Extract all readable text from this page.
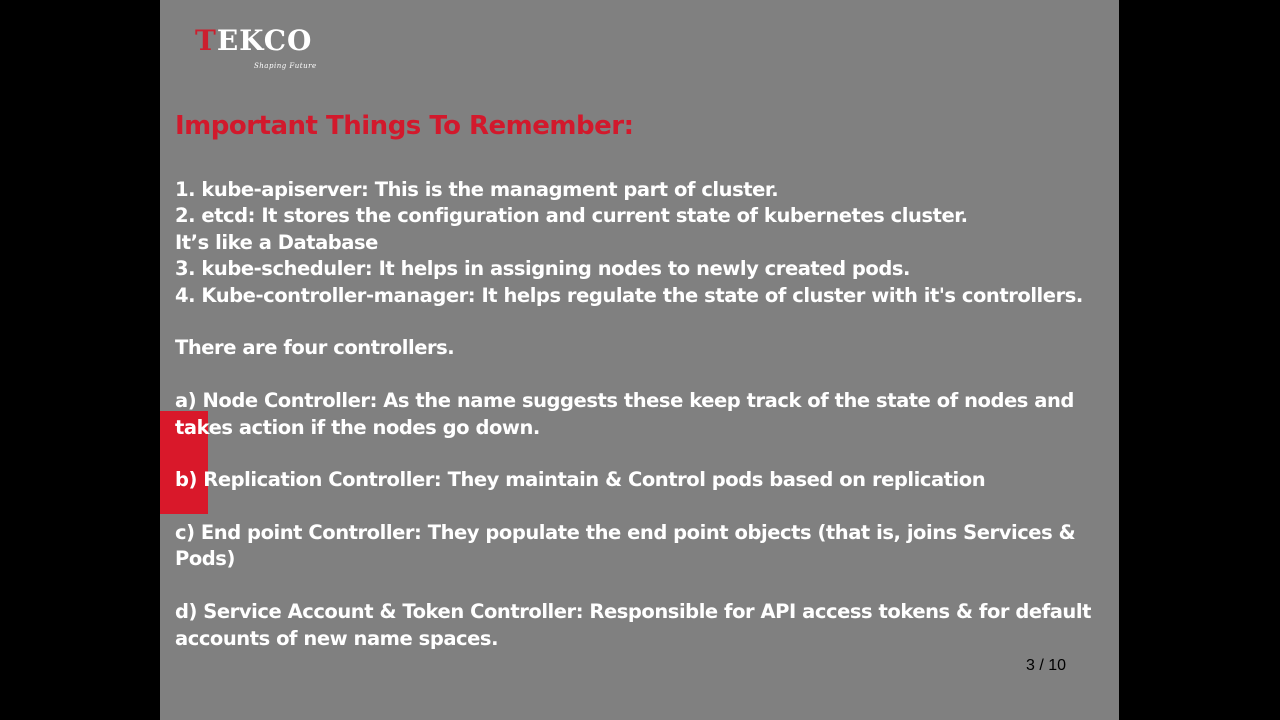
TEKCO
Shaping Future
Important Things To Remember:
1. kube-apiserver: This is the managment part of cluster.
2. etcd: It stores the configuration and current state of kubernetes cluster.
It’s like a Database
3. kube-scheduler: It helps in assigning nodes to newly created pods.
4. Kube-controller-manager: It helps regulate the state of cluster with it's controllers.
There are four controllers.
a) Node Controller: As the name suggests these keep track of the state of nodes and
takes action if the nodes go down.
b) Replication Controller: They maintain & Control pods based on replication
c) End point Controller: They populate the end point objects (that is, joins Services &
Pods)
d) Service Account & Token Controller: Responsible for API access tokens & for default
accounts of new name spaces.
3 / 10
